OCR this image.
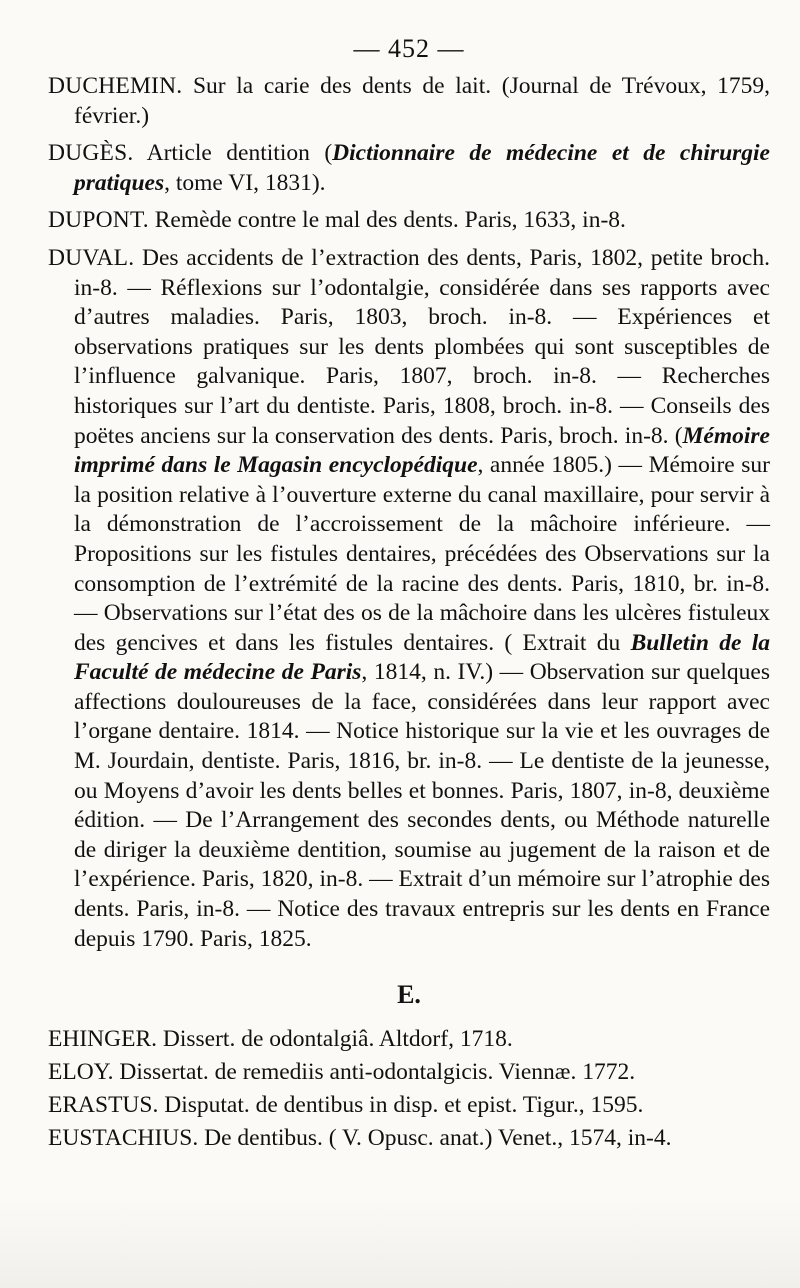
— 452 —

DUCHEMIN. Sur la carie des dents de lait. (Journal de Trévoux, 1759, février.)

DUGÈS. Article dentition (Dictionnaire de médecine et de chirurgie pratiques, tome VI, 1831).

DUPONT. Remède contre le mal des dents. Paris, 1633, in-8.

DUVAL. Des accidents de l’extraction des dents, Paris, 1802, petite broch. in-8. — Réflexions sur l’odontalgie, considérée dans ses rapports avec d’autres maladies. Paris, 1803, broch. in-8. — Expériences et observations pratiques sur les dents plombées qui sont susceptibles de l’influence galvanique. Paris, 1807, broch. in-8. — Recherches historiques sur l’art du dentiste. Paris, 1808, broch. in-8. — Conseils des poëtes anciens sur la conservation des dents. Paris, broch. in-8. (Mémoire imprimé dans le Magasin encyclopédique, année 1805.) — Mémoire sur la position relative à l’ouverture externe du canal maxillaire, pour servir à la démonstration de l’accroissement de la mâchoire inférieure. — Propositions sur les fistules dentaires, précédées des Observations sur la consomption de l’extrémité de la racine des dents. Paris, 1810, br. in-8. — Observations sur l’état des os de la mâchoire dans les ulcères fistuleux des gencives et dans les fistules dentaires. ( Extrait du Bulletin de la Faculté de médecine de Paris, 1814, n. IV.) — Observation sur quelques affections douloureuses de la face, considérées dans leur rapport avec l’organe dentaire. 1814. — Notice historique sur la vie et les ouvrages de M. Jourdain, dentiste. Paris, 1816, br. in-8. — Le dentiste de la jeunesse, ou Moyens d’avoir les dents belles et bonnes. Paris, 1807, in-8, deuxième édition. — De l’Arrangement des secondes dents, ou Méthode naturelle de diriger la deuxième dentition, soumise au jugement de la raison et de l’expérience. Paris, 1820, in-8. — Extrait d’un mémoire sur l’atrophie des dents. Paris, in-8. — Notice des travaux entrepris sur les dents en France depuis 1790. Paris, 1825.

E.

EHINGER. Dissert. de odontalgiâ. Altdorf, 1718.

ELOY. Dissertat. de remediis anti-odontalgicis. Viennæ. 1772.

ERASTUS. Disputat. de dentibus in disp. et epist. Tigur., 1595.

EUSTACHIUS. De dentibus. ( V. Opusc. anat.) Venet., 1574, in-4.
